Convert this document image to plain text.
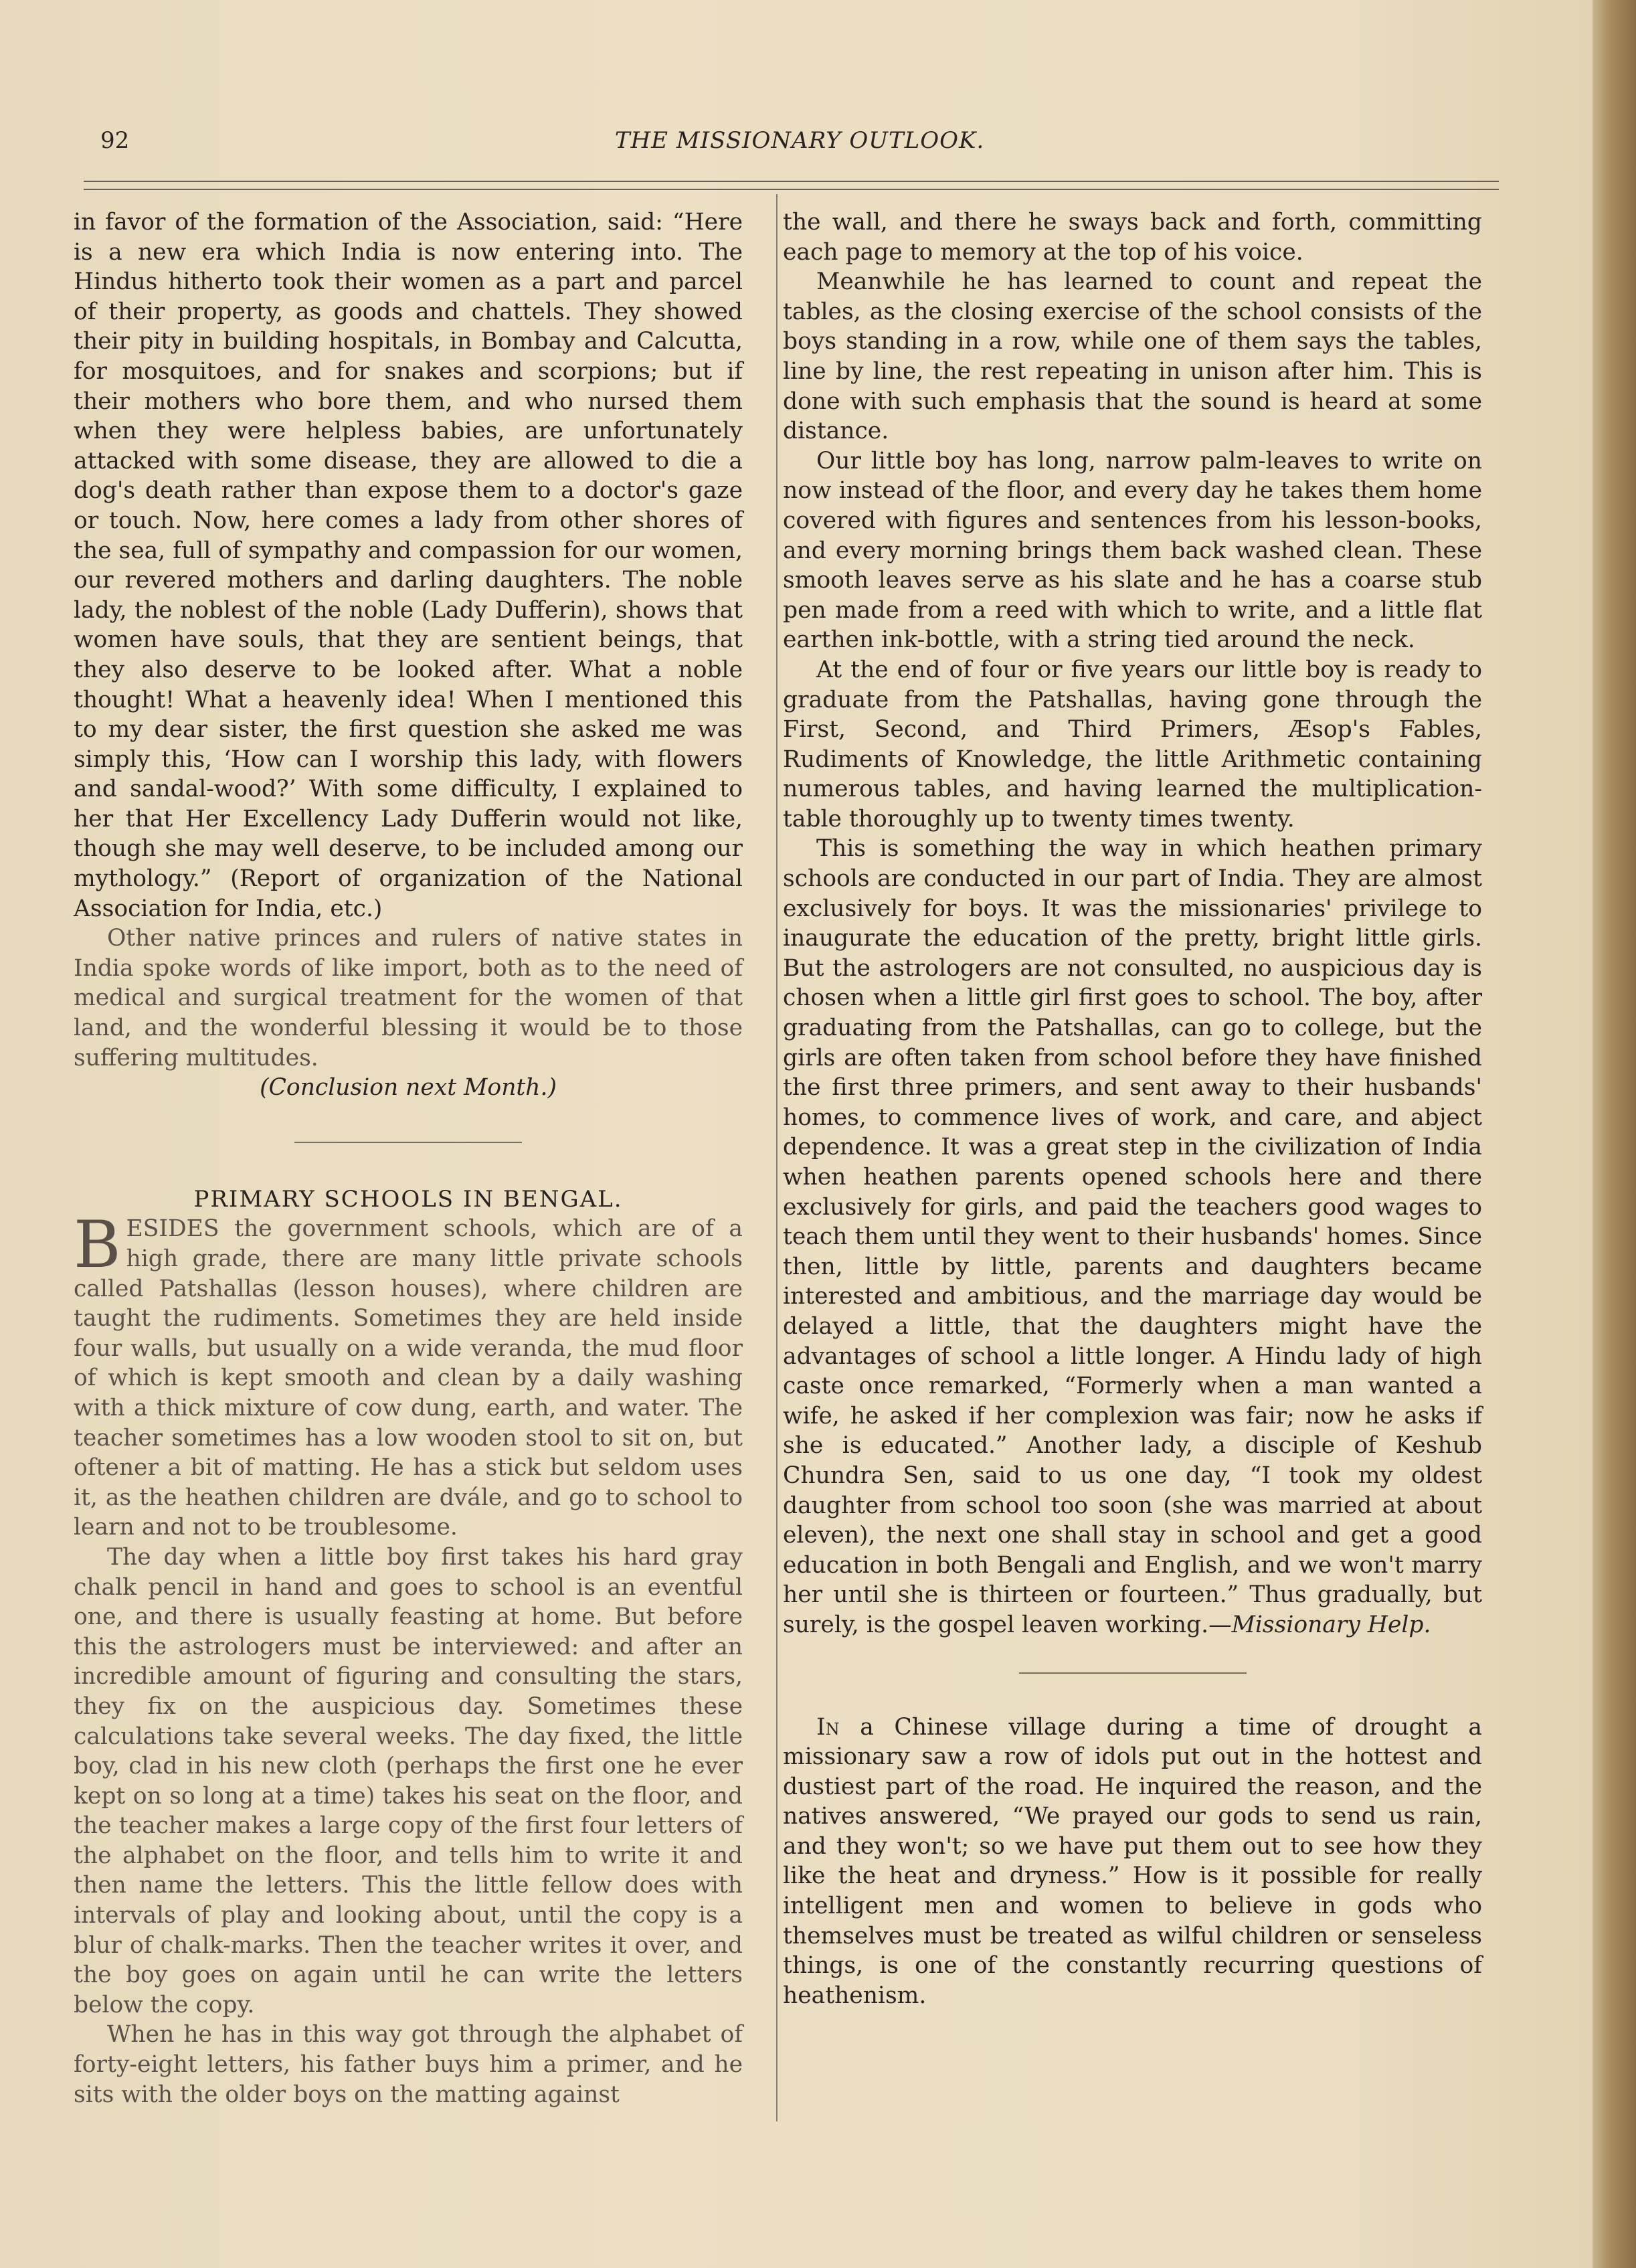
92	THE MISSIONARY OUTLOOK.

in favor of the formation of the Association, said: “Here is a new era which India is now entering into. The Hindus hitherto took their women as a part and parcel of their property, as goods and chattels. They showed their pity in building hospitals, in Bombay and Calcutta, for mosquitoes, and for snakes and scorpions; but if their mothers who bore them, and who nursed them when they were helpless babies, are unfortunately attacked with some disease, they are allowed to die a dog's death rather than expose them to a doctor's gaze or touch. Now, here comes a lady from other shores of the sea, full of sympathy and compassion for our women, our revered mothers and darling daughters. The noble lady, the noblest of the noble (Lady Dufferin), shows that women have souls, that they are sentient beings, that they also deserve to be looked after. What a noble thought! What a heavenly idea! When I mentioned this to my dear sister, the first question she asked me was simply this, ‘How can I worship this lady, with flowers and sandal-wood?’ With some difficulty, I explained to her that Her Excellency Lady Dufferin would not like, though she may well deserve, to be included among our mythology.” (Report of organization of the National Association for India, etc.)

Other native princes and rulers of native states in India spoke words of like import, both as to the need of medical and surgical treatment for the women of that land, and the wonderful blessing it would be to those suffering multitudes.

(Conclusion next Month.)

PRIMARY SCHOOLS IN BENGAL.

BESIDES the government schools, which are of a high grade, there are many little private schools called Patshallas (lesson houses), where children are taught the rudiments. Sometimes they are held inside four walls, but usually on a wide veranda, the mud floor of which is kept smooth and clean by a daily washing with a thick mixture of cow dung, earth, and water. The teacher sometimes has a low wooden stool to sit on, but oftener a bit of matting. He has a stick but seldom uses it, as the heathen children are dvále, and go to school to learn and not to be troublesome.

The day when a little boy first takes his hard gray chalk pencil in hand and goes to school is an eventful one, and there is usually feasting at home. But before this the astrologers must be interviewed: and after an incredible amount of figuring and consulting the stars, they fix on the auspicious day. Sometimes these calculations take several weeks. The day fixed, the little boy, clad in his new cloth (perhaps the first one he ever kept on so long at a time) takes his seat on the floor, and the teacher makes a large copy of the first four letters of the alphabet on the floor, and tells him to write it and then name the letters. This the little fellow does with intervals of play and looking about, until the copy is a blur of chalk-marks. Then the teacher writes it over, and the boy goes on again until he can write the letters below the copy.

When he has in this way got through the alphabet of forty-eight letters, his father buys him a primer, and he sits with the older boys on the matting against

the wall, and there he sways back and forth, committing each page to memory at the top of his voice.

Meanwhile he has learned to count and repeat the tables, as the closing exercise of the school consists of the boys standing in a row, while one of them says the tables, line by line, the rest repeating in unison after him. This is done with such emphasis that the sound is heard at some distance.

Our little boy has long, narrow palm-leaves to write on now instead of the floor, and every day he takes them home covered with figures and sentences from his lesson-books, and every morning brings them back washed clean. These smooth leaves serve as his slate and he has a coarse stub pen made from a reed with which to write, and a little flat earthen ink-bottle, with a string tied around the neck.

At the end of four or five years our little boy is ready to graduate from the Patshallas, having gone through the First, Second, and Third Primers, Æsop's Fables, Rudiments of Knowledge, the little Arithmetic containing numerous tables, and having learned the multiplication-table thoroughly up to twenty times twenty.

This is something the way in which heathen primary schools are conducted in our part of India. They are almost exclusively for boys. It was the missionaries' privilege to inaugurate the education of the pretty, bright little girls. But the astrologers are not consulted, no auspicious day is chosen when a little girl first goes to school. The boy, after graduating from the Patshallas, can go to college, but the girls are often taken from school before they have finished the first three primers, and sent away to their husbands' homes, to commence lives of work, and care, and abject dependence. It was a great step in the civilization of India when heathen parents opened schools here and there exclusively for girls, and paid the teachers good wages to teach them until they went to their husbands' homes. Since then, little by little, parents and daughters became interested and ambitious, and the marriage day would be delayed a little, that the daughters might have the advantages of school a little longer. A Hindu lady of high caste once remarked, “Formerly when a man wanted a wife, he asked if her complexion was fair; now he asks if she is educated.” Another lady, a disciple of Keshub Chundra Sen, said to us one day, “I took my oldest daughter from school too soon (she was married at about eleven), the next one shall stay in school and get a good education in both Bengali and English, and we won't marry her until she is thirteen or fourteen.” Thus gradually, but surely, is the gospel leaven working.—Missionary Help.

In a Chinese village during a time of drought a missionary saw a row of idols put out in the hottest and dustiest part of the road. He inquired the reason, and the natives answered, “We prayed our gods to send us rain, and they won't; so we have put them out to see how they like the heat and dryness.” How is it possible for really intelligent men and women to believe in gods who themselves must be treated as wilful children or senseless things, is one of the constantly recurring questions of heathenism.
